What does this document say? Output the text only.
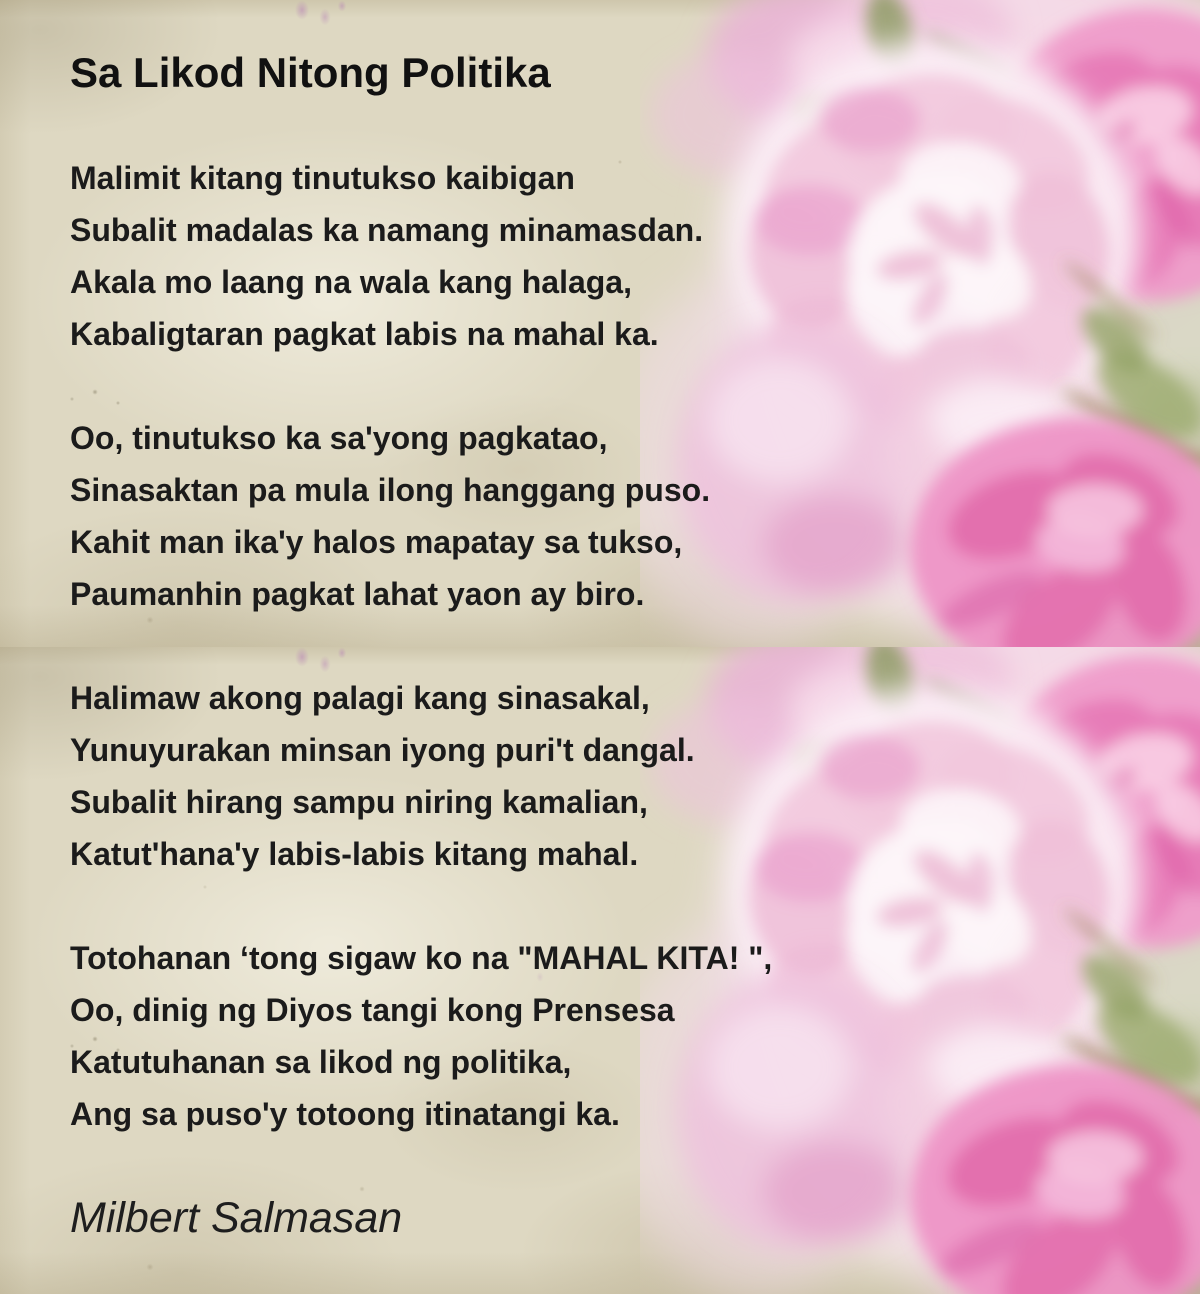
Sa Likod Nitong Politika

Malimit kitang tinutukso kaibigan

Subalit madalas ka namang minamasdan.

Akala mo laang na wala kang halaga,

Kabaligtaran pagkat labis na mahal ka.

Oo, tinutukso ka sa'yong pagkatao,

Sinasaktan pa mula ilong hanggang puso.

Kahit man ika'y halos mapatay sa tukso,

Paumanhin pagkat lahat yaon ay biro.

Halimaw akong palagi kang sinasakal,

Yunuyurakan minsan iyong puri't dangal.

Subalit hirang sampu niring kamalian,

Katut'hana'y labis-labis kitang mahal.

Totohanan ‘tong sigaw ko na "MAHAL KITA! ",

Oo, dinig ng Diyos tangi kong Prensesa

Katutuhanan sa likod ng politika,

Ang sa puso'y totoong itinatangi ka.

Milbert Salmasan
